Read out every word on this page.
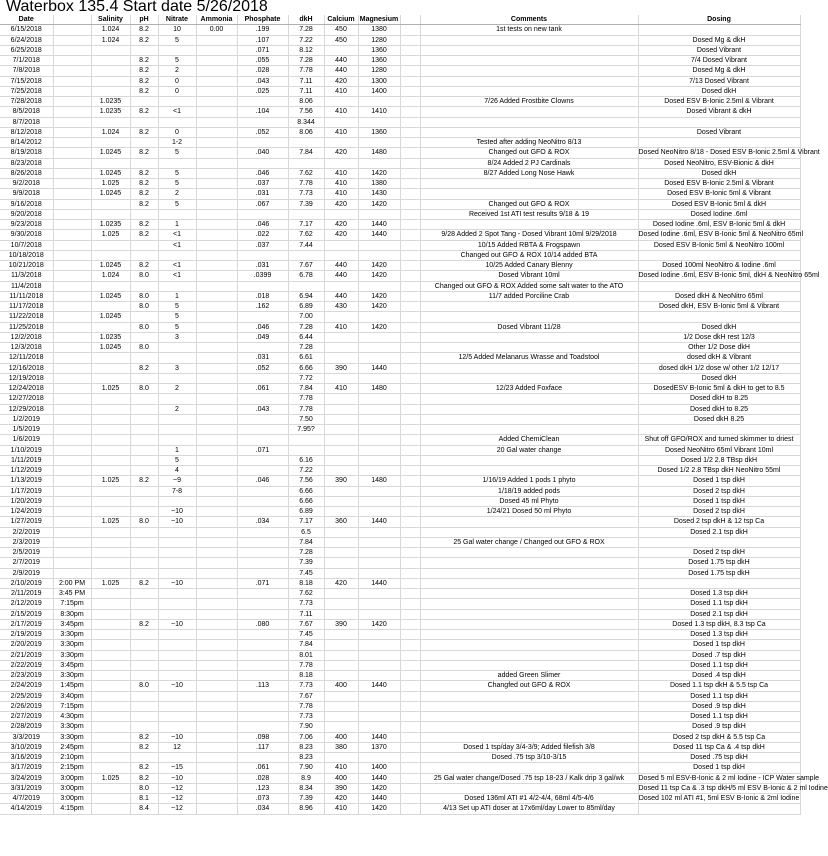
Waterbox 135.4 Start date 5/26/2018
Date		Salinity	pH	Nitrate	Ammonia	Phosphate	dkH	Calcium	Magnesium		Comments	Dosing
6/15/2018		1.024	8.2	10	0.00	.199	7.28	450	1380		1st tests on new tank	
6/24/2018		1.024	8.2	5		.107	7.22	450	1280			Dosed Mg & dkH
6/25/2018						.071	8.12		1360			Dosed Vibrant
7/1/2018			8.2	5		.055	7.28	440	1360			7/4 Dosed Vibrant
7/8/2018			8.2	2		.028	7.78	440	1280			Dosed Mg & dkH
7/15/2018			8.2	0		.043	7.11	420	1300			7/13 Dosed Vibrant
7/25/2018			8.2	0		.025	7.11	410	1400			Dosed dkH
7/28/2018		1.0235					8.06				7/26 Added Frostbite Clowns	Dosed ESV B-Ionic 2.5ml & Vibrant
8/5/2018		1.0235	8.2	<1		.104	7.56	410	1410			Dosed Vibrant & dkH
8/7/2018							8.344					
8/12/2018		1.024	8.2	0		.052	8.06	410	1360			Dosed Vibrant
8/14/2012				1-2							Tested after adding NeoNitro 8/13	
8/19/2018		1.0245	8.2	5		.040	7.84	420	1480		Changed out GFO & ROX	Dosed NeoNitro 8/18 - Dosed ESV B-Ionic 2.5ml & Vibrant
8/23/2018											8/24 Added 2 PJ Cardinals	Dosed NeoNitro, ESV-Bionic & dkH
8/26/2018		1.0245	8.2	5		.046	7.62	410	1420		8/27 Added Long Nose Hawk	Dosed dkH
9/2/2018		1.025	8.2	5		.037	7.78	410	1380			Dosed ESV B-Ionic 2.5ml & Vibrant
9/9/2018		1.0245	8.2	2		.031	7.73	410	1430			Dosed ESV B-Ionic 5ml & Vibrant
9/16/2018			8.2	5		.067	7.39	420	1420		Changed out GFO & ROX	Dosed ESV B-Ionic 5ml & dkH
9/20/2018											Received 1st ATI test results 9/18 & 19	Dosed Iodine .6ml
9/23/2018		1.0235	8.2	1		.046	7.17	420	1440			Dosed Iodine .6ml, ESV B-Ionic 5ml & dkH
9/30/2018		1.025	8.2	<1		.022	7.62	420	1440		9/28 Added 2 Spot Tang - Dosed Vibrant 10ml 9/29/2018	Dosed Iodine .6ml, ESV B-Ionic 5ml & NeoNitro 65ml
10/7/2018				<1		.037	7.44				10/15 Added RBTA & Frogspawn	Dosed ESV B-Ionic 5ml & NeoNitro 100ml
10/18/2018											Changed out GFO & ROX 10/14 added BTA	
10/21/2018		1.0245	8.2	<1		.031	7.67	440	1420		10/25 Added Canary Blenny	Dosed 100ml NeoNitro & Iodine .6ml
11/3/2018		1.024	8.0	<1		.0399	6.78	440	1420		Dosed Vibrant 10ml	Dosed Iodine .6ml, ESV B-Ionic 5ml, dkH & NeoNitro 65ml
11/4/2018											Changed out GFO & ROX Added some salt water to the ATO	
11/11/2018		1.0245	8.0	1		.018	6.94	440	1420		11/7 added Porciline Crab	Dosed dkH & NeoNitro 65ml
11/17/2018			8.0	5		.162	6.89	430	1420			Dosed dkH, ESV B-Ionic 5ml & Vibrant
11/22/2018		1.0245		5			7.00					
11/25/2018			8.0	5		.046	7.28	410	1420		Dosed Vibrant 11/28	Dosed dkH
12/2/2018		1.0235		3		.049	6.44					1/2 Dose dkH rest 12/3
12/3/2018		1.0245	8.0				7.28					Other 1/2 Dose dkH
12/11/2018						.031	6.61				12/5 Added Melanarus Wrasse and Toadstool	dosed dkH & Vibrant
12/16/2018			8.2	3		.052	6.66	390	1440			dosed dkH 1/2 dose w/ other 1/2 12/17
12/19/2018							7.72					Dosed dkH
12/24/2018		1.025	8.0	2		.061	7.84	410	1480		12/23 Added Foxface	DosedESV B-Ionic 5ml & dkH to get to 8.5
12/27/2018							7.78					Dosed dkH to 8.25
12/29/2018				2		.043	7.78					Dosed dkH to 8.25
1/2/2019							7.50					Dosed dkH 8.25
1/5/2019							7.95?					
1/6/2019											Added ChemiClean	Shut off GFO/ROX and turned skimmer to driest
1/10/2019				1		.071					20 Gal water change	Dosed NeoNitro 65ml Vibrant 10ml
1/11/2019				5			6.16					Dosed 1/2 2.8 TBsp dkH
1/12/2019				4			7.22					Dosed 1/2 2.8 TBsp dkH NeoNitro 55ml
1/13/2019		1.025	8.2	~9		.046	7.56	390	1480		1/16/19 Added 1 pods 1 phyto	Dosed 1 tsp dkH
1/17/2019				7-8			6.66				1/18/19 added pods	Dosed 2 tsp dkH
1/20/2019							6.66				Dosed 45 ml Phyto	Dosed 1 tsp dkH
1/24/2019				~10			6.89				1/24/21 Dosed 50 ml Phyto	Dosed 2 tsp dkH
1/27/2019		1.025	8.0	~10		.034	7.17	360	1440			Dosed 2 tsp dkH & 12 tsp Ca
2/2/2019							6.5					Dosed 2.1 tsp dkH
2/3/2019							7.84				25 Gal water change / Changed out GFO & ROX	
2/5/2019							7.28					Dosed 2 tsp dkH
2/7/2019							7.39					Dosed 1.75 tsp dkH
2/9/2019							7.45					Dosed 1.75 tsp dkH
2/10/2019	2:00 PM	1.025	8.2	~10		.071	8.18	420	1440			
2/11/2019	3:45 PM						7.62					Dosed 1.3 tsp dkH
2/12/2019	7:15pm						7.73					Dosed 1.1 tsp dkH
2/15/2019	8:30pm						7.11					Dosed 2.1 tsp dkH
2/17/2019	3:45pm		8.2	~10		.080	7.67	390	1420			Dosed 1.3 tsp dkH, 8.3 tsp Ca
2/19/2019	3:30pm						7.45					Dosed 1.3 tsp dkH
2/20/2019	3:30pm						7.84					Dosed 1 tsp dkH
2/21/2019	3:30pm						8.01					Dosed .7 tsp dkH
2/22/2019	3:45pm						7.78					Dosed 1.1 tsp dkH
2/23/2019	3:30pm						8.18				added Green Slimer	Dosed .4 tsp dkH
2/24/2019	1:45pm		8.0	~10		.113	7.73	400	1440		Changfed out GFO & ROX	Dosed 1.1 tsp dkH & 5.5 tsp Ca
2/25/2019	3:40pm						7.67					Dosed 1.1 tsp dkH
2/26/2019	7:15pm						7.78					Dosed .9 tsp dkH
2/27/2019	4:30pm						7.73					Dosed 1.1 tsp dkH
2/28/2019	3:30pm						7.90					Dosed .9 tsp dkH
3/3/2019	3:30pm		8.2	~10		.098	7.06	400	1440			Dosed 2 tsp dkH & 5.5 tsp Ca
3/10/2019	2:45pm		8.2	12		.117	8.23	380	1370		Dosed 1 tsp/day 3/4-3/9; Added filefish 3/8	Dosed 11 tsp Ca & .4 tsp dkH
3/16/2019	2:10pm						8.23				Dosed .75 tsp 3/10-3/15	Dosed .75 tsp dkH
3/17/2019	2:15pm		8.2	~15		.061	7.90	410	1400			Dosed 1 tsp dkH
3/24/2019	3:00pm	1.025	8.2	~10		.028	8.9	400	1440		25 Gal water change/Dosed .75 tsp 18-23 / Kalk drip 3 gal/wk	Dosed 5 ml ESV-B-Ionic & 2 ml Iodine - ICP Water sample
3/31/2019	3:00pm		8.0	~12		.123	8.34	390	1420			Dosed 11 tsp Ca & .3 tsp dkH/5 ml ESV B-Ionic & 2 ml Iodine
4/7/2019	3:00pm		8.1	~12		.073	7.39	420	1440		Dosed 136ml ATI #1 4/2-4/4, 68ml 4/5-4/6	Dosed 102 ml ATI #1, 5ml ESV B-Ionic & 2ml Iodine
4/14/2019	4:15pm		8.4	~12		.034	8.96	410	1420		4/13 Set up ATI doser at 17x6ml/day Lower to 85ml/day	
